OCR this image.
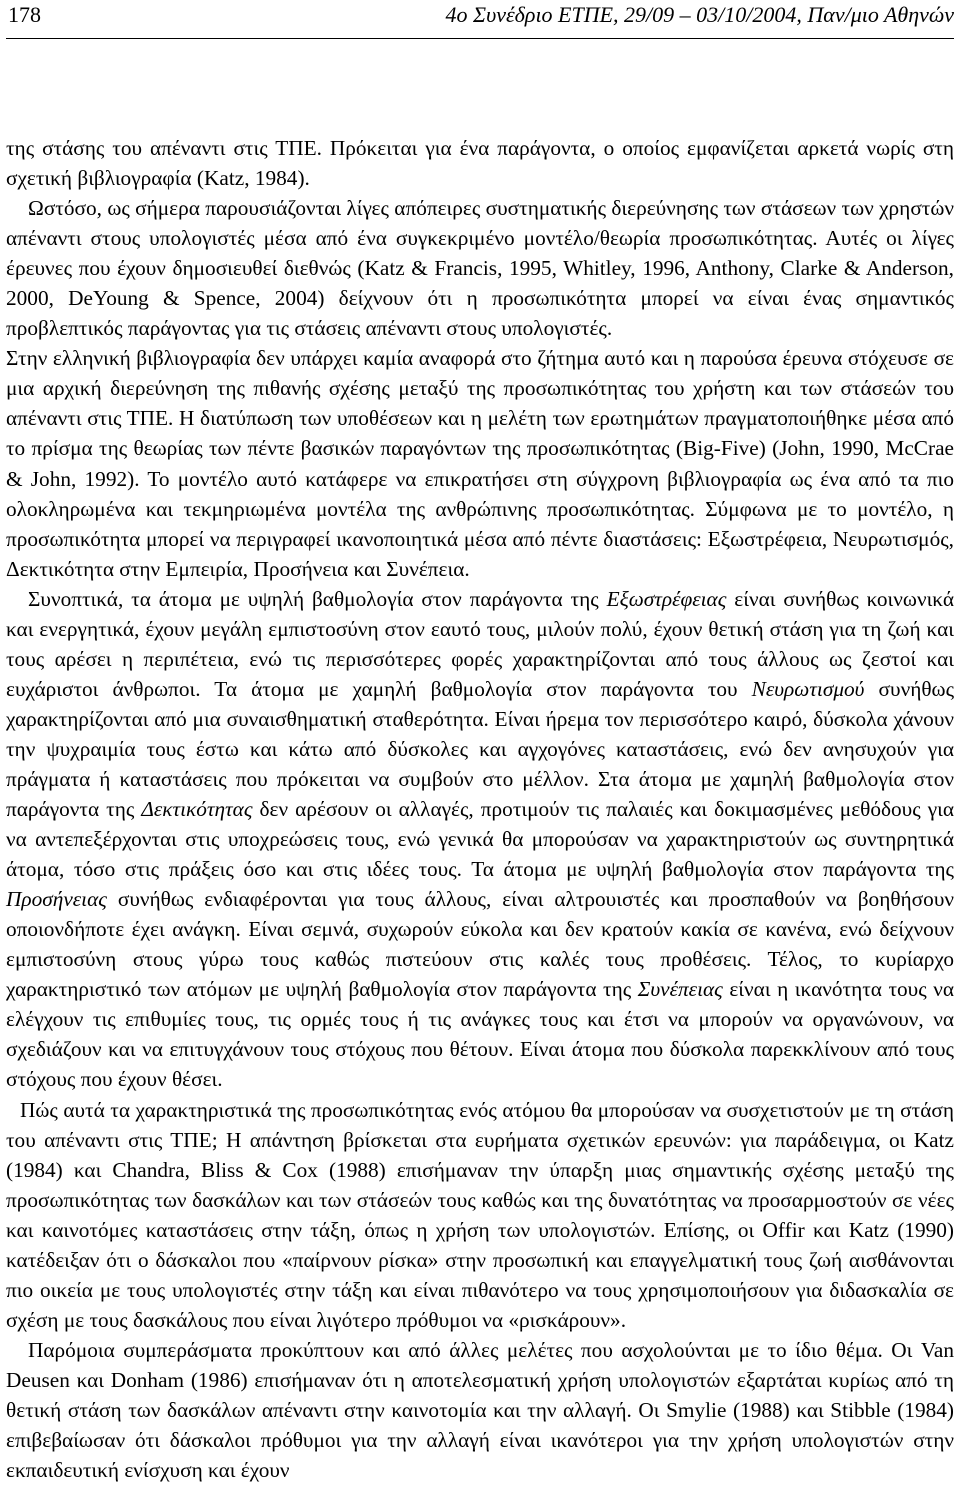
178	4ο Συνέδριο ΕΤΠΕ, 29/09 – 03/10/2004, Παν/μιο Αθηνών

της στάσης του απέναντι στις ΤΠΕ. Πρόκειται για ένα παράγοντα, ο οποίος εμφανίζεται αρκετά νωρίς στη σχετική βιβλιογραφία (Katz, 1984).

Ωστόσο, ως σήμερα παρουσιάζονται λίγες απόπειρες συστηματικής διερεύνησης των στάσεων των χρηστών απέναντι στους υπολογιστές μέσα από ένα συγκεκριμένο μοντέλο/θεωρία προσωπικότητας. Αυτές οι λίγες έρευνες που έχουν δημοσιευθεί διεθνώς (Katz & Francis, 1995, Whitley, 1996, Anthony, Clarke & Anderson, 2000, DeYoung & Spence, 2004) δείχνουν ότι η προσωπικότητα μπορεί να είναι ένας σημαντικός προβλεπτικός παράγοντας για τις στάσεις απέναντι στους υπολογιστές.

Στην ελληνική βιβλιογραφία δεν υπάρχει καμία αναφορά στο ζήτημα αυτό και η παρούσα έρευνα στόχευσε σε μια αρχική διερεύνηση της πιθανής σχέσης μεταξύ της προσωπικότητας του χρήστη και των στάσεών του απέναντι στις ΤΠΕ. Η διατύπωση των υποθέσεων και η μελέτη των ερωτημάτων πραγματοποιήθηκε μέσα από το πρίσμα της θεωρίας των πέντε βασικών παραγόντων της προσωπικότητας (Big-Five) (John, 1990, McCrae & John, 1992). Το μοντέλο αυτό κατάφερε να επικρατήσει στη σύγχρονη βιβλιογραφία ως ένα από τα πιο ολοκληρωμένα και τεκμηριωμένα μοντέλα της ανθρώπινης προσωπικότητας. Σύμφωνα με το μοντέλο, η προσωπικότητα μπορεί να περιγραφεί ικανοποιητικά μέσα από πέντε διαστάσεις: Εξωστρέφεια, Νευρωτισμός, Δεκτικότητα στην Εμπειρία, Προσήνεια και Συνέπεια.

Συνοπτικά, τα άτομα με υψηλή βαθμολογία στον παράγοντα της Εξωστρέφειας είναι συνήθως κοινωνικά και ενεργητικά, έχουν μεγάλη εμπιστοσύνη στον εαυτό τους, μιλούν πολύ, έχουν θετική στάση για τη ζωή και τους αρέσει η περιπέτεια, ενώ τις περισσότερες φορές χαρακτηρίζονται από τους άλλους ως ζεστοί και ευχάριστοι άνθρωποι. Τα άτομα με χαμηλή βαθμολογία στον παράγοντα του Νευρωτισμού συνήθως χαρακτηρίζονται από μια συναισθηματική σταθερότητα. Είναι ήρεμα τον περισσότερο καιρό, δύσκολα χάνουν την ψυχραιμία τους έστω και κάτω από δύσκολες και αγχογόνες καταστάσεις, ενώ δεν ανησυχούν για πράγματα ή καταστάσεις που πρόκειται να συμβούν στο μέλλον. Στα άτομα με χαμηλή βαθμολογία στον παράγοντα της Δεκτικότητας δεν αρέσουν οι αλλαγές, προτιμούν τις παλαιές και δοκιμασμένες μεθόδους για να αντεπεξέρχονται στις υποχρεώσεις τους, ενώ γενικά θα μπορούσαν να χαρακτηριστούν ως συντηρητικά άτομα, τόσο στις πράξεις όσο και στις ιδέες τους. Τα άτομα με υψηλή βαθμολογία στον παράγοντα της Προσήνειας συνήθως ενδιαφέρονται για τους άλλους, είναι αλτρουιστές και προσπαθούν να βοηθήσουν οποιονδήποτε έχει ανάγκη. Είναι σεμνά, συχωρούν εύκολα και δεν κρατούν κακία σε κανένα, ενώ δείχνουν εμπιστοσύνη στους γύρω τους καθώς πιστεύουν στις καλές τους προθέσεις. Τέλος, το κυρίαρχο χαρακτηριστικό των ατόμων με υψηλή βαθμολογία στον παράγοντα της Συνέπειας είναι η ικανότητα τους να ελέγχουν τις επιθυμίες τους, τις ορμές τους ή τις ανάγκες τους και έτσι να μπορούν να οργανώνουν, να σχεδιάζουν και να επιτυγχάνουν τους στόχους που θέτουν. Είναι άτομα που δύσκολα παρεκκλίνουν από τους στόχους που έχουν θέσει.

Πώς αυτά τα χαρακτηριστικά της προσωπικότητας ενός ατόμου θα μπορούσαν να συσχετιστούν με τη στάση του απέναντι στις ΤΠΕ; Η απάντηση βρίσκεται στα ευρήματα σχετικών ερευνών: για παράδειγμα, οι Katz (1984) και Chandra, Bliss & Cox (1988) επισήμαναν την ύπαρξη μιας σημαντικής σχέσης μεταξύ της προσωπικότητας των δασκάλων και των στάσεών τους καθώς και της δυνατότητας να προσαρμοστούν σε νέες και καινοτόμες καταστάσεις στην τάξη, όπως η χρήση των υπολογιστών. Επίσης, οι Offir και Katz (1990) κατέδειξαν ότι ο δάσκαλοι που «παίρνουν ρίσκα» στην προσωπική και επαγγελματική τους ζωή αισθάνονται πιο οικεία με τους υπολογιστές στην τάξη και είναι πιθανότερο να τους χρησιμοποιήσουν για διδασκαλία σε σχέση με τους δασκάλους που είναι λιγότερο πρόθυμοι να «ρισκάρουν».

Παρόμοια συμπεράσματα προκύπτουν και από άλλες μελέτες που ασχολούνται με το ίδιο θέμα. Οι Van Deusen και Donham (1986) επισήμαναν ότι η αποτελεσματική χρήση υπολογιστών εξαρτάται κυρίως από τη θετική στάση των δασκάλων απέναντι στην καινοτομία και την αλλαγή. Οι Smylie (1988) και Stibble (1984) επιβεβαίωσαν ότι δάσκαλοι πρόθυμοι για την αλλαγή είναι ικανότεροι για την χρήση υπολογιστών στην εκπαιδευτική ενίσχυση και έχουν
